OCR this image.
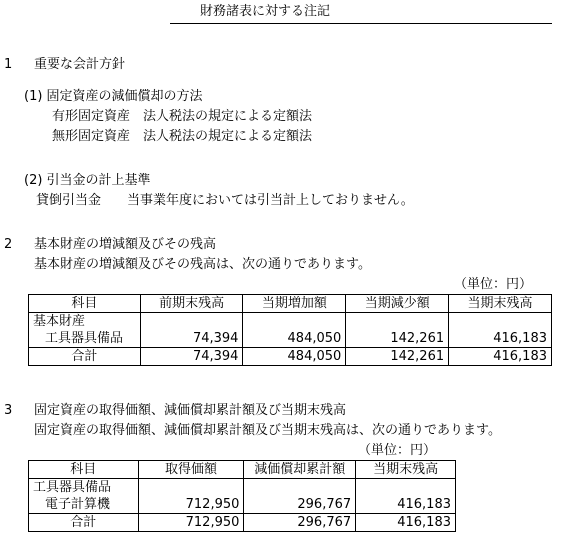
財務諸表に対する注記
1 重要な会計方針
(1) 固定資産の減価償却の方法
有形固定資産　法人税法の規定による定額法
無形固定資産　法人税法の規定による定額法
(2) 引当金の計上基準
貸倒引当金　　当事業年度においては引当計上しておりません。
2 基本財産の増減額及びその残高
基本財産の増減額及びその残高は、次の通りであります。
（単位：円）
科目	前期末残高	当期増加額	当期減少額	当期末残高
基本財産				
工具器具備品	74,394	484,050	142,261	416,183
合計	74,394	484,050	142,261	416,183
3 固定資産の取得価額、減価償却累計額及び当期末残高
固定資産の取得価額、減価償却累計額及び当期末残高は、次の通りであります。
（単位：円）
科目	取得価額	減価償却累計額	当期末残高
工具器具備品			
電子計算機	712,950	296,767	416,183
合計	712,950	296,767	416,183
